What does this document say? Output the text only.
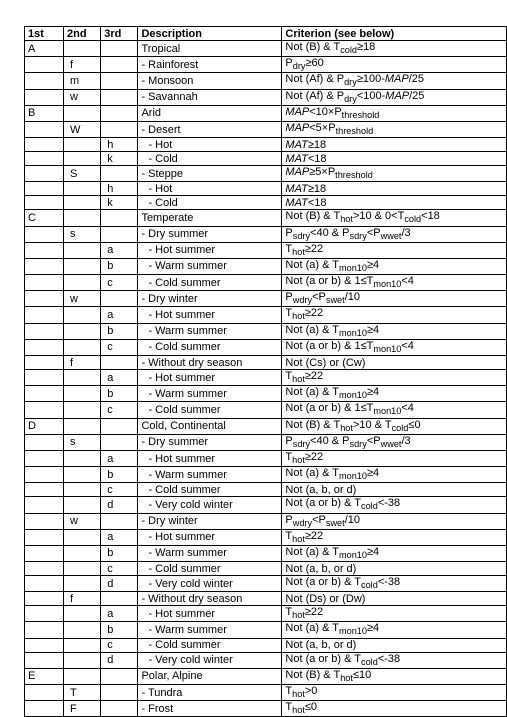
1st	2nd	3rd	Description	Criterion (see below)
A			Tropical	Not (B) & $T_{cold}\ge 18$
	f		- Rainforest	$P_{dry}\ge 60$
	m		- Monsoon	Not (Af) & $P_{dry}\ge 100-MAP/25$
	w		- Savannah	Not (Af) & $P_{dry}<100-MAP/25$
B			Arid	$MAP<10\times P_{threshold}$
	W		- Desert	$MAP<5\times P_{threshold}$
		h	- Hot	MAT≥18
		k	- Cold	MAT<18
	S		- Steppe	$MAP\ge 5\times P_{threshold}$
		h	- Hot	MAT≥18
		k	- Cold	MAT<18
C			Temperate	Not (B) & $T_{hot}>10$ & $0<T_{cold}<18$
	s		- Dry summer	$P_{sdry}<40$ & $P_{sdry}<P_{wwet}/3$
		a	- Hot summer	$T_{hot}\ge 22$
		b	- Warm summer	Not (a) & $T_{mon10}\ge 4$
		c	- Cold summer	Not (a or b) & $1\le T_{mon10}<4$
	w		- Dry winter	$P_{wdry}<P_{swet}/10$
		a	- Hot summer	$T_{hot}\ge 22$
		b	- Warm summer	Not (a) & $T_{mon10}\ge 4$
		c	- Cold summer	Not (a or b) & $1\le T_{mon10}<4$
	f		- Without dry season	Not (Cs) or (Cw)
		a	- Hot summer	$T_{hot}\ge 22$
		b	- Warm summer	Not (a) & $T_{mon10}\ge 4$
		c	- Cold summer	Not (a or b) & $1\le T_{mon10}<4$
D			Cold, Continental	Not (B) & $T_{hot}>10$ & $T_{cold}\le 0$
	s		- Dry summer	$P_{sdry}<40$ & $P_{sdry}<P_{wwet}/3$
		a	- Hot summer	$T_{hot}\ge 22$
		b	- Warm summer	Not (a) & $T_{mon10}\ge 4$
		c	- Cold summer	Not (a, b, or d)
		d	- Very cold winter	Not (a or b) & $T_{cold}<-38$
	w		- Dry winter	$P_{wdry}<P_{swet}/10$
		a	- Hot summer	$T_{hot}\ge 22$
		b	- Warm summer	Not (a) & $T_{mon10}\ge 4$
		c	- Cold summer	Not (a, b, or d)
		d	- Very cold winter	Not (a or b) & $T_{cold}<-38$
	f		- Without dry season	Not (Ds) or (Dw)
		a	- Hot summer	$T_{hot}\ge 22$
		b	- Warm summer	Not (a) & $T_{mon10}\ge 4$
		c	- Cold summer	Not (a, b, or d)
		d	- Very cold winter	Not (a or b) & $T_{cold}<-38$
E			Polar, Alpine	Not (B) & $T_{hot}\le 10$
	T		- Tundra	$T_{hot}>0$
	F		- Frost	$T_{hot}\le 0$
